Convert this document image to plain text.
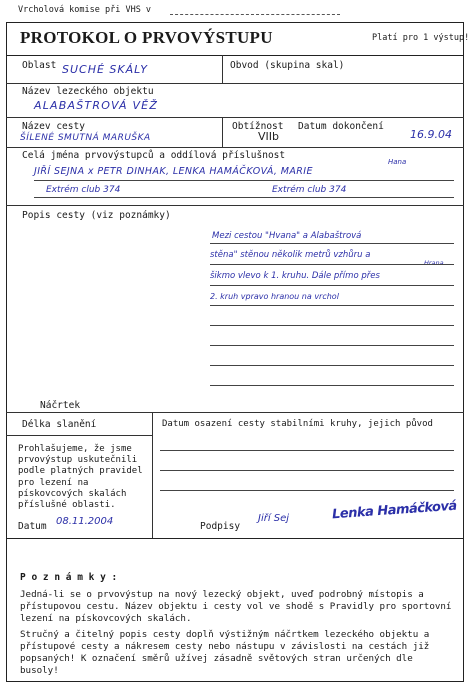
Vrcholová komise při VHS v
PROTOKOL O PRVOVÝSTUPU	Platí pro 1 výstup!
Oblast SUCHÉ SKÁLY	Obvod (skupina skal)
Název lezeckého objektu
ALABAŠTROVÁ VĚŽ
Název cesty
ŠÍLENÉ SMUTNÁ MARUŠKA
Obtížnost
VIIb
Datum dokončení
16.9.04
Celá jména prvovýstupců a oddílová příslušnost
JIŘÍ SEJNA x PETR DINHAK, LENKA HAMÁČKOVÁ, MARIE
Extrém club 374
Hana
Extrém club 374
Popis cesty (viz poznámky)
Mezi cestou "Hvana" a Alabaštrová
stěna" stěnou několik metrů vzhůru a
Hrana
šikmo vlevo k 1. kruhu. Dále přímo přes
2. kruh vpravo hranou na vrchol
Náčrtek
Délka slanění	Datum osazení cesty stabilními kruhy, jejich původ
Prohlašujeme, že jsme prvovýstup uskutečnili podle platných pravidel pro lezení na pískovcových skalách příslušné oblasti.
Datum 08.11.2004	Podpisy
Jiří Sej	Lenka Hamáčková
P o z n á m k y :
Jedná-li se o prvovýstup na nový lezecký objekt, uveď podrobný místopis a přístupovou cestu. Název objektu i cesty vol ve shodě s Pravidly pro sportovní lezení na pískovcových skalách.
Stručný a čitelný popis cesty doplň výstižným náčrtkem lezeckého objektu a přístupové cesty a nákresem cesty nebo nástupu v závislosti na cestách již popsaných! K označení směrů užívej zásadně světových stran určených dle busoly!
